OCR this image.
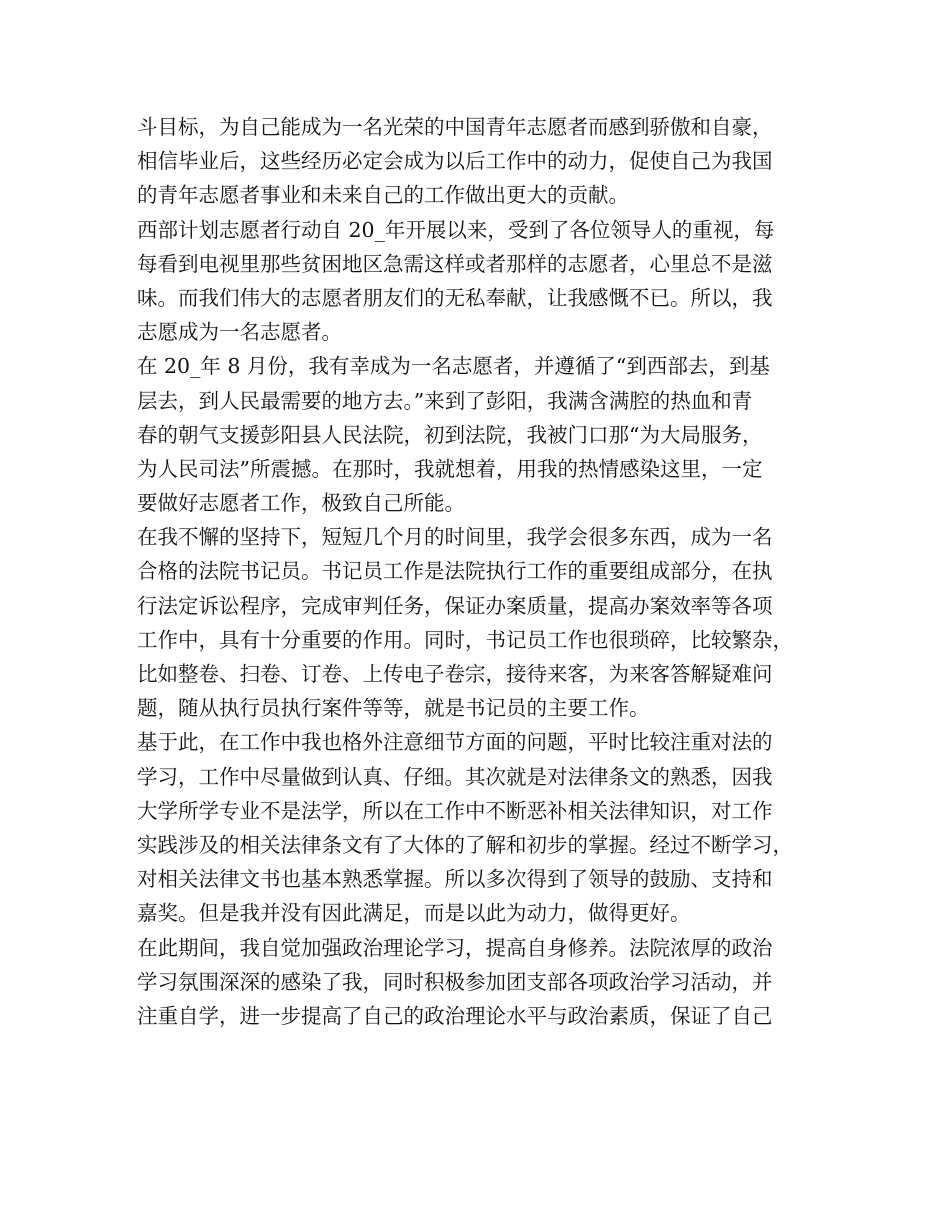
斗目标，为自己能成为一名光荣的中国青年志愿者而感到骄傲和自豪，
相信毕业后，这些经历必定会成为以后工作中的动力，促使自己为我国
的青年志愿者事业和未来自己的工作做出更大的贡献。
西部计划志愿者行动自 20_年开展以来，受到了各位领导人的重视，每
每看到电视里那些贫困地区急需这样或者那样的志愿者，心里总不是滋
味。而我们伟大的志愿者朋友们的无私奉献，让我感慨不已。所以，我
志愿成为一名志愿者。
在 20_年 8 月份，我有幸成为一名志愿者，并遵循了“到西部去，到基
层去，到人民最需要的地方去。”来到了彭阳，我满含满腔的热血和青
春的朝气支援彭阳县人民法院，初到法院，我被门口那“为大局服务，
为人民司法”所震撼。在那时，我就想着，用我的热情感染这里，一定
要做好志愿者工作，极致自己所能。
在我不懈的坚持下，短短几个月的时间里，我学会很多东西，成为一名
合格的法院书记员。书记员工作是法院执行工作的重要组成部分，在执
行法定诉讼程序，完成审判任务，保证办案质量，提高办案效率等各项
工作中，具有十分重要的作用。同时，书记员工作也很琐碎，比较繁杂，
比如整卷、扫卷、订卷、上传电子卷宗，接待来客，为来客答解疑难问
题，随从执行员执行案件等等，就是书记员的主要工作。
基于此，在工作中我也格外注意细节方面的问题，平时比较注重对法的
学习，工作中尽量做到认真、仔细。其次就是对法律条文的熟悉，因我
大学所学专业不是法学，所以在工作中不断恶补相关法律知识，对工作
实践涉及的相关法律条文有了大体的了解和初步的掌握。经过不断学习，
对相关法律文书也基本熟悉掌握。所以多次得到了领导的鼓励、支持和
嘉奖。但是我并没有因此满足，而是以此为动力，做得更好。
在此期间，我自觉加强政治理论学习，提高自身修养。法院浓厚的政治
学习氛围深深的感染了我，同时积极参加团支部各项政治学习活动，并
注重自学，进一步提高了自己的政治理论水平与政治素质，保证了自己
